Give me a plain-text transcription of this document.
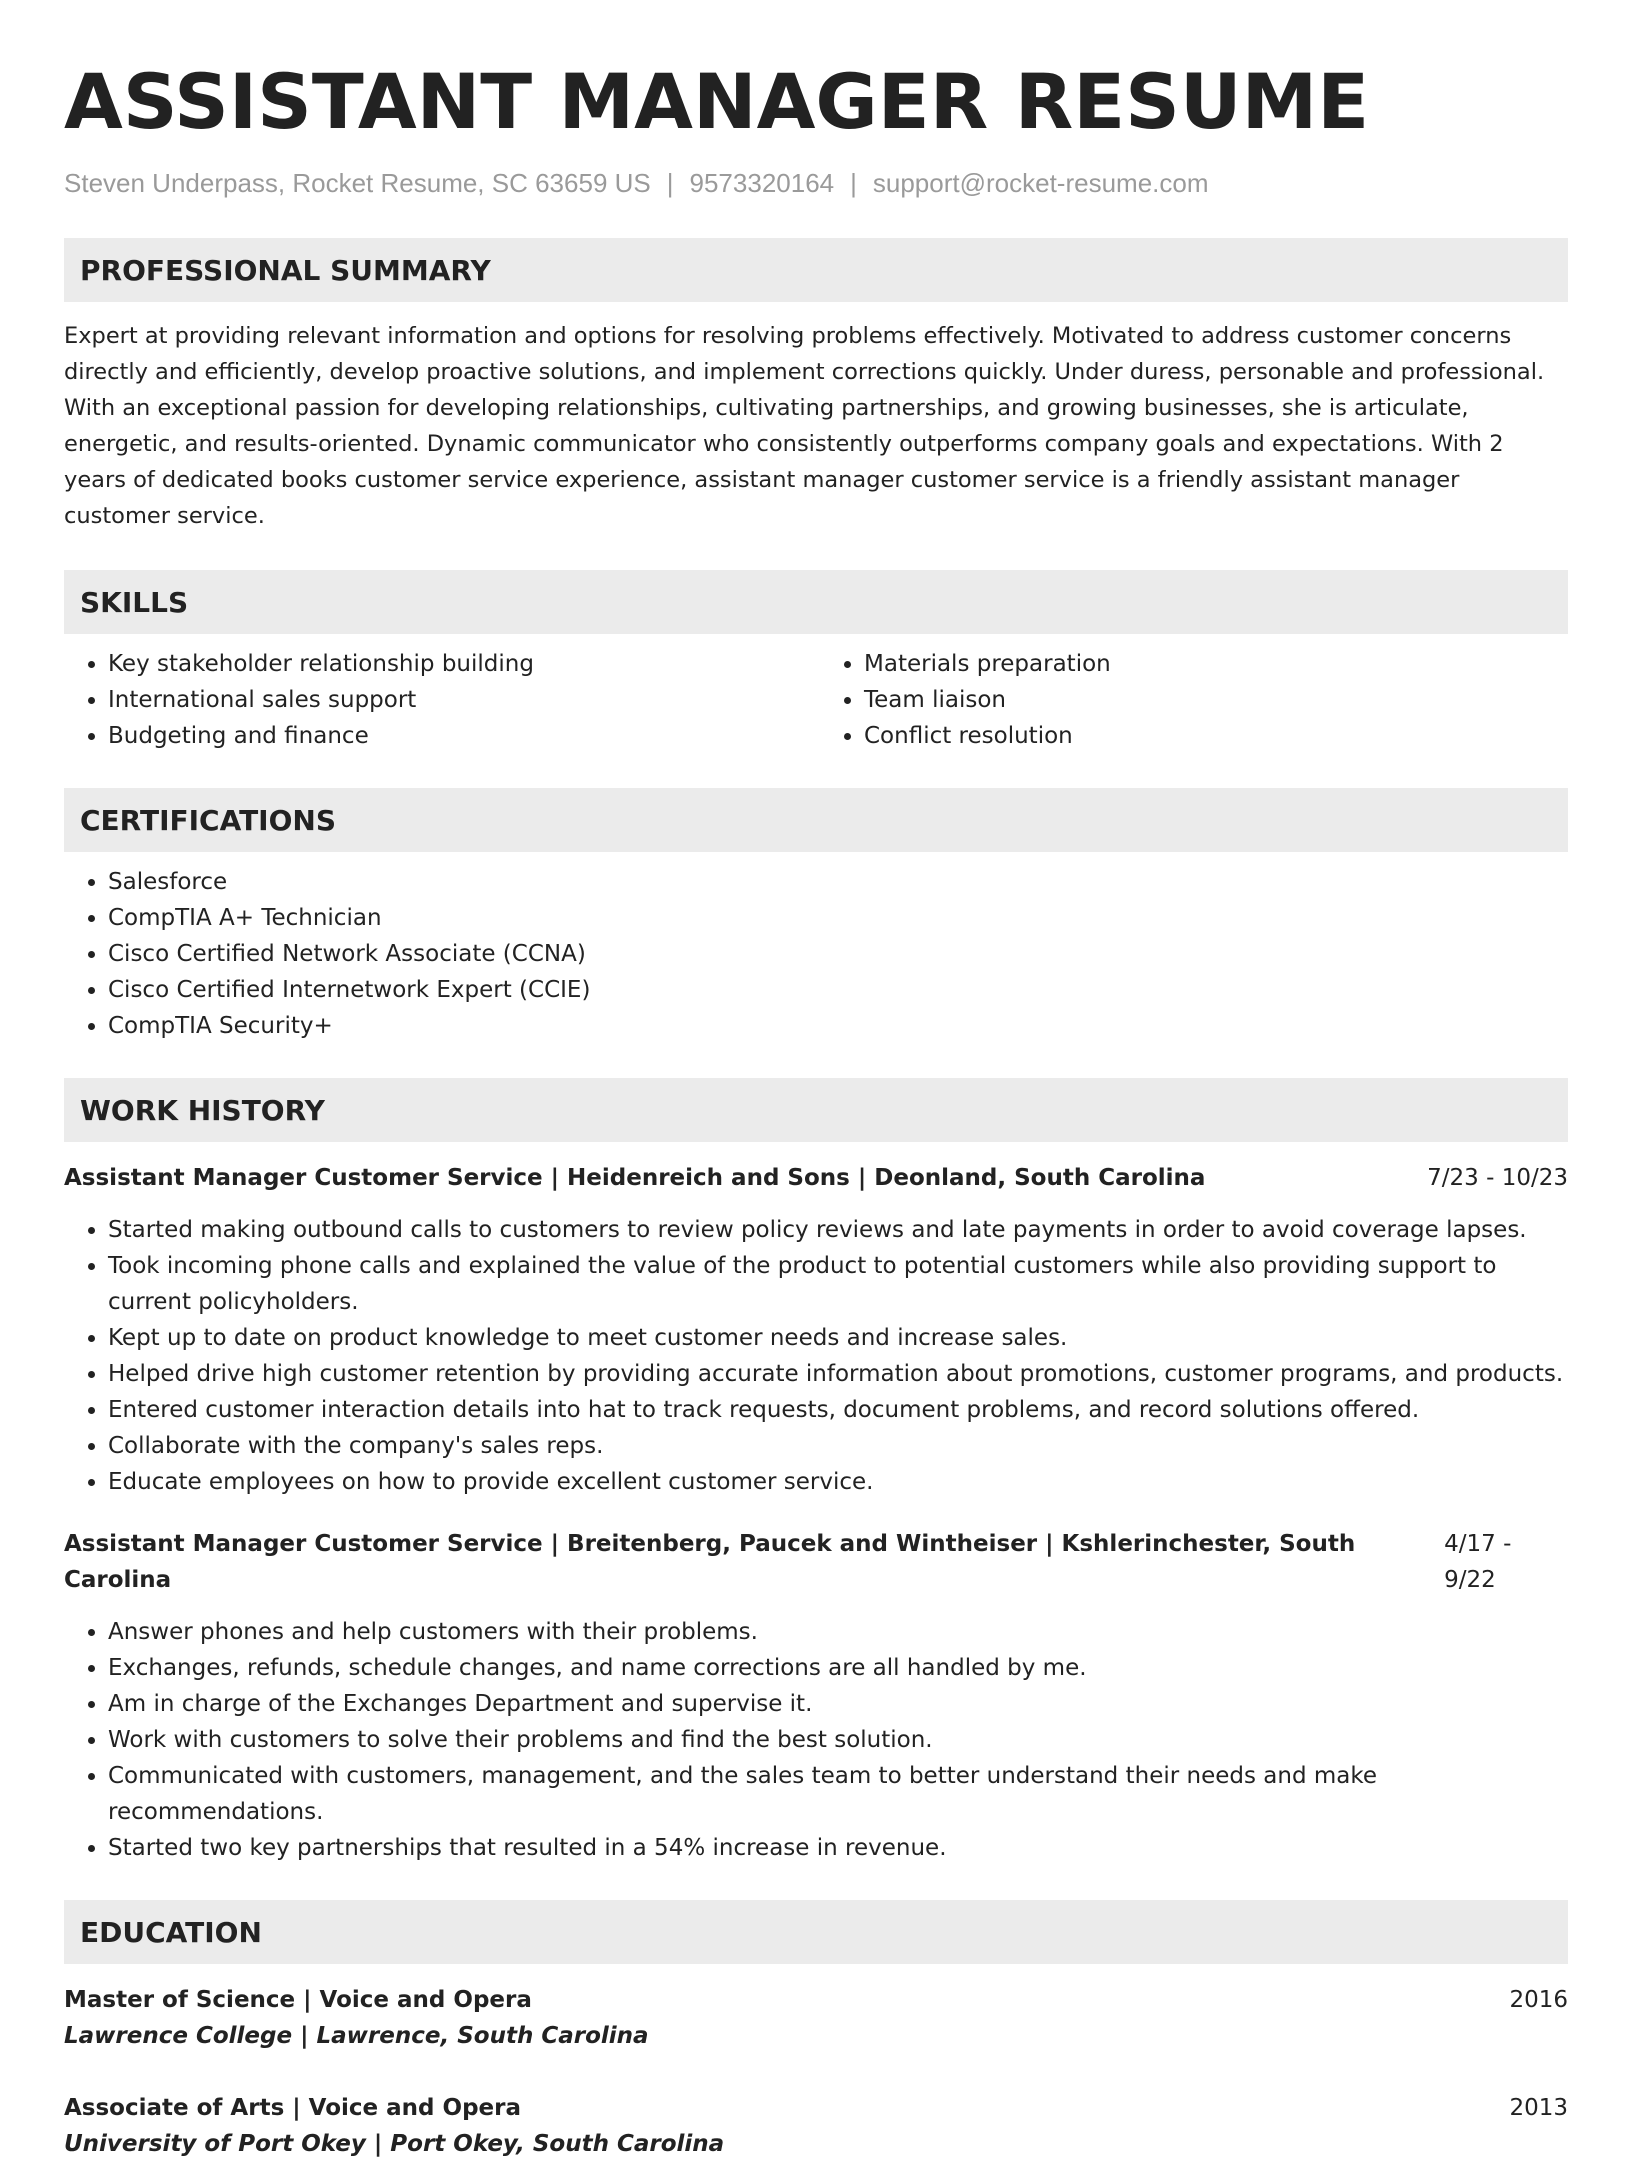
ASSISTANT MANAGER RESUME
Steven Underpass, Rocket Resume, SC 63659 US | 9573320164 | support@rocket-resume.com
PROFESSIONAL SUMMARY
Expert at providing relevant information and options for resolving problems effectively. Motivated to address customer concerns directly and efficiently, develop proactive solutions, and implement corrections quickly. Under duress, personable and professional. With an exceptional passion for developing relationships, cultivating partnerships, and growing businesses, she is articulate, energetic, and results-oriented. Dynamic communicator who consistently outperforms company goals and expectations. With 2 years of dedicated books customer service experience, assistant manager customer service is a friendly assistant manager customer service.
SKILLS
• Key stakeholder relationship building
• International sales support
• Budgeting and finance
• Materials preparation
• Team liaison
• Conflict resolution
CERTIFICATIONS
• Salesforce
• CompTIA A+ Technician
• Cisco Certified Network Associate (CCNA)
• Cisco Certified Internetwork Expert (CCIE)
• CompTIA Security+
WORK HISTORY
Assistant Manager Customer Service | Heidenreich and Sons | Deonland, South Carolina	7/23 - 10/23
• Started making outbound calls to customers to review policy reviews and late payments in order to avoid coverage lapses.
• Took incoming phone calls and explained the value of the product to potential customers while also providing support to current policyholders.
• Kept up to date on product knowledge to meet customer needs and increase sales.
• Helped drive high customer retention by providing accurate information about promotions, customer programs, and products.
• Entered customer interaction details into hat to track requests, document problems, and record solutions offered.
• Collaborate with the company's sales reps.
• Educate employees on how to provide excellent customer service.
Assistant Manager Customer Service | Breitenberg, Paucek and Wintheiser | Kshlerinchester, South Carolina
4/17 - 9/22
• Answer phones and help customers with their problems.
• Exchanges, refunds, schedule changes, and name corrections are all handled by me.
• Am in charge of the Exchanges Department and supervise it.
• Work with customers to solve their problems and find the best solution.
• Communicated with customers, management, and the sales team to better understand their needs and make recommendations.
• Started two key partnerships that resulted in a 54% increase in revenue.
EDUCATION
Master of Science | Voice and Opera	2016
Lawrence College | Lawrence, South Carolina
Associate of Arts | Voice and Opera	2013
University of Port Okey | Port Okey, South Carolina
